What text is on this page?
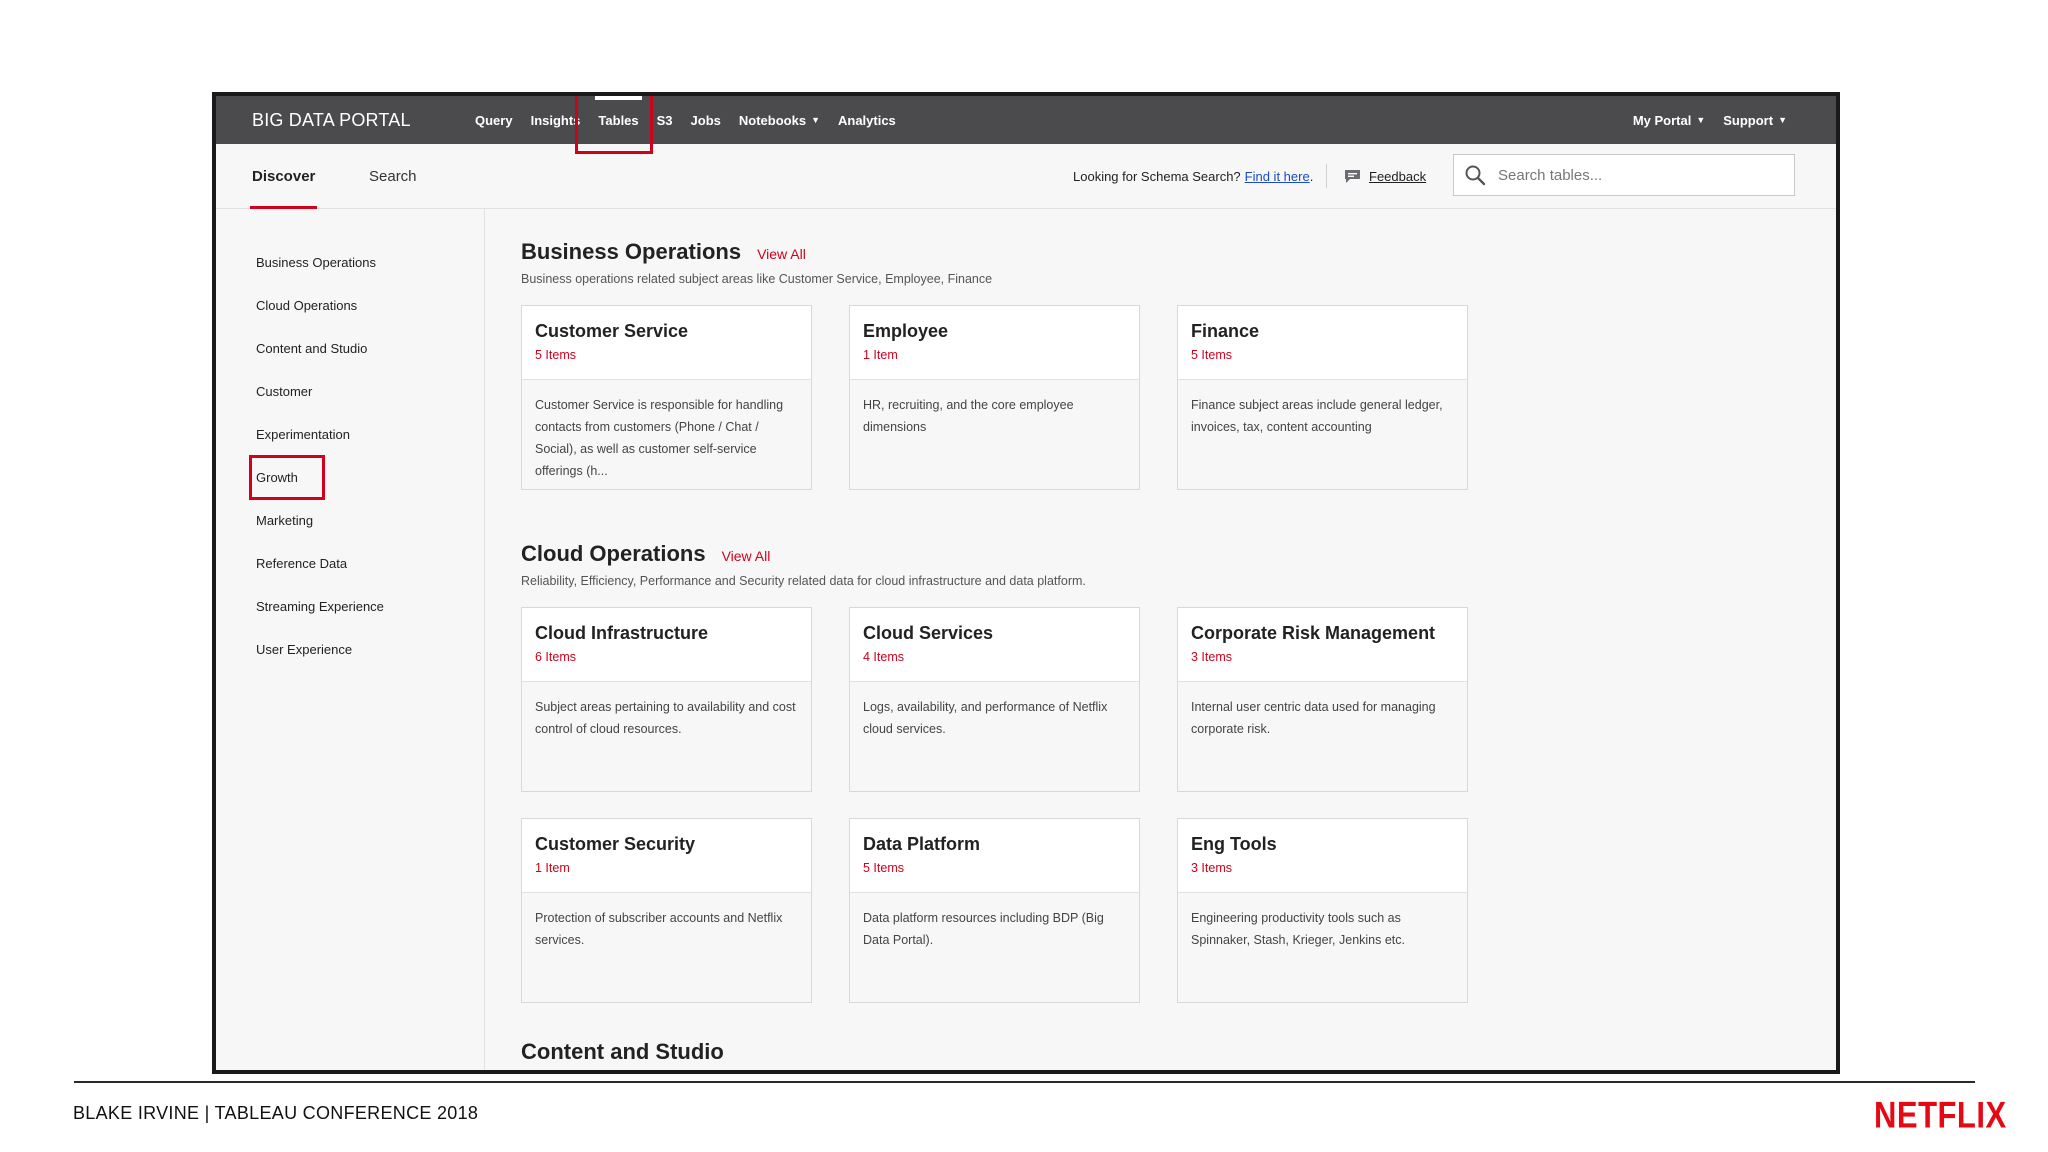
BIG DATA PORTAL	Query Insights Tables S3 Jobs Notebooks ▼ Analytics	My Portal ▼ Support ▼
Discover	Search	Looking for Schema Search? Find it here .	Feedback
Search tables...
Business Operations
Cloud Operations
Content and Studio
Customer
Experimentation
Growth
Marketing
Reference Data
Streaming Experience
User Experience
Business Operations View All
Business operations related subject areas like Customer Service, Employee, Finance
Customer Service
5 Items
Customer Service is responsible for handling contacts from customers (Phone / Chat / Social), as well as customer self-service offerings (h...
Employee
1 Item
HR, recruiting, and the core employee dimensions
Finance
5 Items
Finance subject areas include general ledger, invoices, tax, content accounting
Cloud Operations View All
Reliability, Efficiency, Performance and Security related data for cloud infrastructure and data platform.
Cloud Infrastructure
6 Items
Subject areas pertaining to availability and cost control of cloud resources.
Cloud Services
4 Items
Logs, availability, and performance of Netflix cloud services.
Corporate Risk Management
3 Items
Internal user centric data used for managing corporate risk.
Customer Security
1 Item
Protection of subscriber accounts and Netflix services.
Data Platform
5 Items
Data platform resources including BDP (Big Data Portal).
Eng Tools
3 Items
Engineering productivity tools such as Spinnaker, Stash, Krieger, Jenkins etc.
Content and Studio
BLAKE IRVINE | TABLEAU CONFERENCE 2018	NETFLIX
